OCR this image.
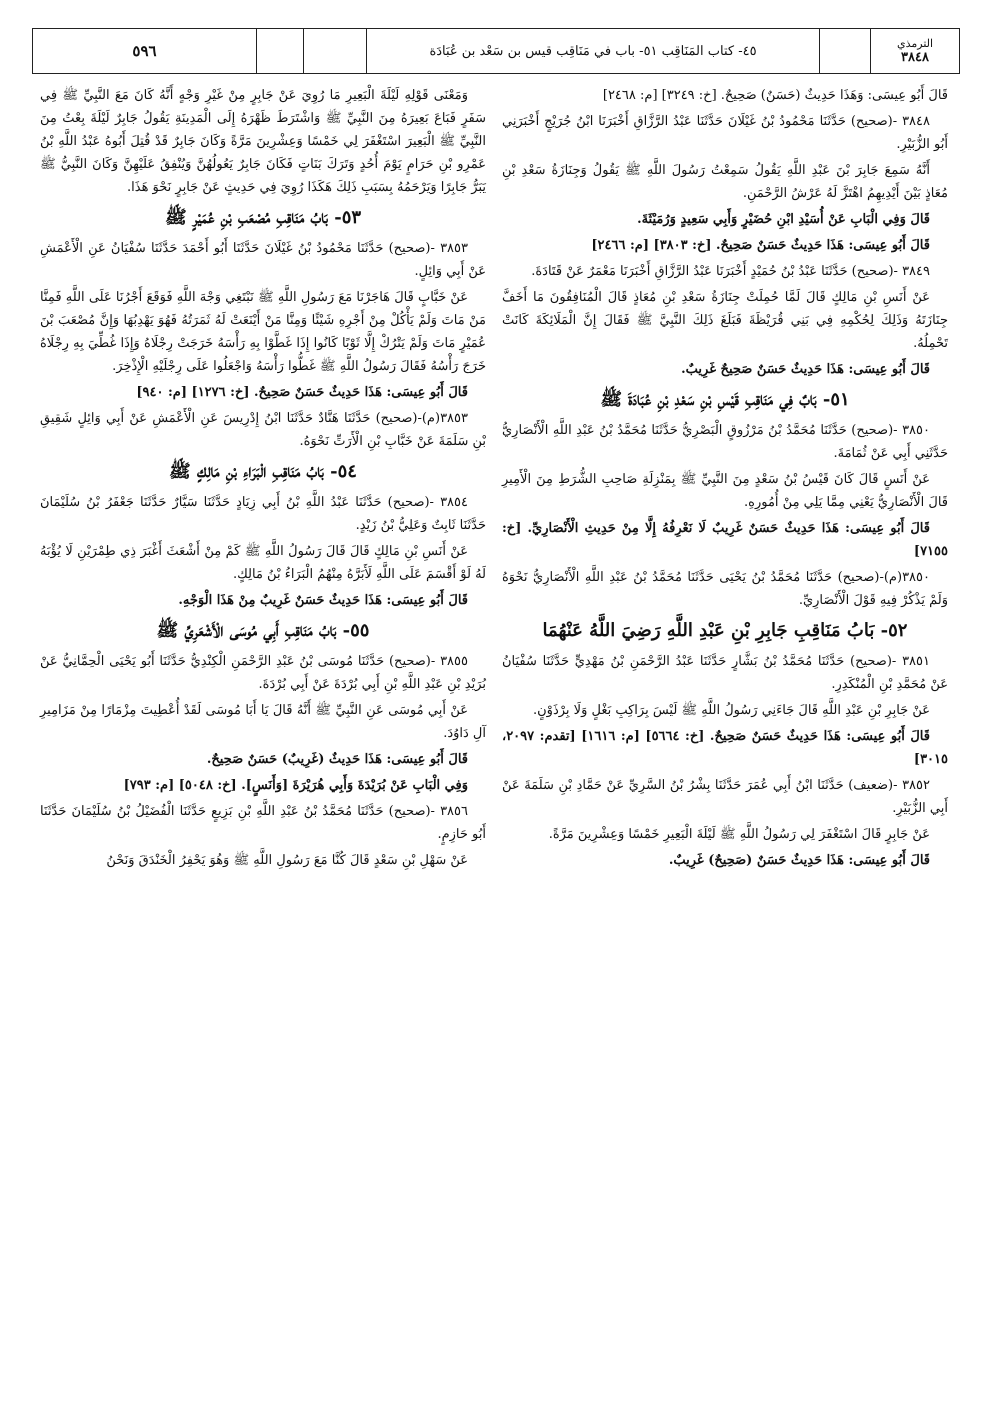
الترمذي
٣٨٤٨
٤٥- كتاب المَنَاقِب ٥١- باب في مَنَاقِب قيس بن سَعْد بن عُبَادَة
٥٩٦

قَالَ أَبُو عِيسَى: وَهَذَا حَدِيثٌ (حَسَنٌ) صَحِيحٌ. [خ: ٣٢٤٩] [م: ٢٤٦٨]

٣٨٤٨ -(صحيح) حَدَّثَنَا مَحْمُودُ بْنُ غَيْلَانَ حَدَّثَنَا عَبْدُ الرَّزَّاقِ أَخْبَرَنَا ابْنُ جُرَيْجٍ أَخْبَرَنِي أَبُو الزُّبَيْرِ.

أَنَّهُ سَمِعَ جَابِرَ بْنَ عَبْدِ اللَّهِ يَقُولُ سَمِعْتُ رَسُولَ اللَّهِ ﷺ يَقُولُ وَجِنَازَةُ سَعْدِ بْنِ مُعَاذٍ بَيْنَ أَيْدِيهِمُ اهْتَزَّ لَهُ عَرْشُ الرَّحْمَنِ.

قَالَ وَفِي الْبَابِ عَنْ أُسَيْدِ ابْنِ حُضَيْرٍ وَأَبِي سَعِيدٍ وَرُمَيْثَةَ.

قَالَ أَبُو عِيسَى: هَذَا حَدِيثٌ حَسَنٌ صَحِيحٌ. [خ: ٣٨٠٣] [م: ٢٤٦٦]

٣٨٤٩ -(صحيح) حَدَّثَنَا عَبْدُ بْنُ حُمَيْدٍ أَخْبَرَنَا عَبْدُ الرَّزَّاقِ أَخْبَرَنَا مَعْمَرٌ عَنْ قَتَادَةَ.

عَنْ أَنَسِ بْنِ مَالِكٍ قَالَ لَمَّا حُمِلَتْ جِنَازَةُ سَعْدِ بْنِ مُعَاذٍ قَالَ الْمُنَافِقُونَ مَا أَخَفَّ جِنَازَتَهُ وَذَلِكَ لِحُكْمِهِ فِي بَنِي قُرَيْظَةَ فَبَلَغَ ذَلِكَ النَّبِيَّ ﷺ فَقَالَ إِنَّ الْمَلَائِكَةَ كَانَتْ تَحْمِلُهُ.

قَالَ أَبُو عِيسَى: هَذَا حَدِيثٌ حَسَنٌ صَحِيحٌ غَرِيبٌ.

٥١- بَابٌ فِي مَنَاقِبِ قَيْسِ بْنِ سَعْدِ بْنِ عُبَادَةَ ﷺ

٣٨٥٠ -(صحيح) حَدَّثَنَا مُحَمَّدُ بْنُ مَرْزُوقٍ الْبَصْرِيُّ حَدَّثَنَا مُحَمَّدُ بْنُ عَبْدِ اللَّهِ الْأَنْصَارِيُّ حَدَّثَنِي أَبِي عَنْ ثُمَامَةَ.

عَنْ أَنَسٍ قَالَ كَانَ قَيْسُ بْنُ سَعْدٍ مِنَ النَّبِيِّ ﷺ بِمَنْزِلَةِ صَاحِبِ الشُّرَطِ مِنَ الْأَمِيرِ قَالَ الْأَنْصَارِيُّ يَعْنِي مِمَّا يَلِي مِنْ أُمُورِهِ.

قَالَ أَبُو عِيسَى: هَذَا حَدِيثٌ حَسَنٌ غَرِيبٌ لَا نَعْرِفُهُ إِلَّا مِنْ حَدِيثِ الْأَنْصَارِيِّ. [خ: ٧١٥٥]

٣٨٥٠(م)-(صحيح) حَدَّثَنَا مُحَمَّدُ بْنُ يَحْيَى حَدَّثَنَا مُحَمَّدُ بْنُ عَبْدِ اللَّهِ الْأَنْصَارِيُّ نَحْوَهُ وَلَمْ يَذْكُرْ فِيهِ قَوْلَ الْأَنْصَارِيِّ.

٥٢- بَابُ مَنَاقِبِ جَابِرِ بْنِ عَبْدِ اللَّهِ رَضِيَ اللَّهُ عَنْهُمَا

٣٨٥١ -(صحيح) حَدَّثَنَا مُحَمَّدُ بْنُ بَشَّارٍ حَدَّثَنَا عَبْدُ الرَّحْمَنِ بْنُ مَهْدِيٍّ حَدَّثَنَا سُفْيَانُ عَنْ مُحَمَّدِ بْنِ الْمُنْكَدِرِ.

عَنْ جَابِرِ بْنِ عَبْدِ اللَّهِ قَالَ جَاءَنِي رَسُولُ اللَّهِ ﷺ لَيْسَ بِرَاكِبِ بَغْلٍ وَلَا بِرْذَوْنٍ.

قَالَ أَبُو عِيسَى: هَذَا حَدِيثٌ حَسَنٌ صَحِيحٌ. [خ: ٥٦٦٤] [م: ١٦١٦] [تقدم: ٢٠٩٧، ٣٠١٥]

٣٨٥٢ -(ضعيف) حَدَّثَنَا ابْنُ أَبِي عُمَرَ حَدَّثَنَا بِشْرُ بْنُ السَّرِيِّ عَنْ حَمَّادِ بْنِ سَلَمَةَ عَنْ أَبِي الزُّبَيْرِ.

عَنْ جَابِرٍ قَالَ اسْتَغْفَرَ لِي رَسُولُ اللَّهِ ﷺ لَيْلَةَ الْبَعِيرِ خَمْسًا وَعِشْرِينَ مَرَّةً.

قَالَ أَبُو عِيسَى: هَذَا حَدِيثٌ حَسَنٌ (صَحِيحٌ) غَرِيبٌ.

وَمَعْنَى قَوْلِهِ لَيْلَةَ الْبَعِيرِ مَا رُوِيَ عَنْ جَابِرٍ مِنْ غَيْرِ وَجْهٍ أَنَّهُ كَانَ مَعَ النَّبِيِّ ﷺ فِي سَفَرٍ فَبَاعَ بَعِيرَهُ مِنَ النَّبِيِّ ﷺ وَاشْتَرَطَ ظَهْرَهُ إِلَى الْمَدِينَةِ يَقُولُ جَابِرٌ لَيْلَةَ بِعْتُ مِنَ النَّبِيِّ ﷺ الْبَعِيرَ اسْتَغْفَرَ لِي خَمْسًا وَعِشْرِينَ مَرَّةً وَكَانَ جَابِرٌ قَدْ قُتِلَ أَبُوهُ عَبْدُ اللَّهِ بْنُ عَمْرِو بْنِ حَرَامٍ يَوْمَ أُحُدٍ وَتَرَكَ بَنَاتٍ فَكَانَ جَابِرٌ يَعُولُهُنَّ وَيُنْفِقُ عَلَيْهِنَّ وَكَانَ النَّبِيُّ ﷺ يَبَرُّ جَابِرًا وَيَرْحَمُهُ بِسَبَبِ ذَلِكَ هَكَذَا رُوِيَ فِي حَدِيثٍ عَنْ جَابِرٍ نَحْوَ هَذَا.

٥٣- بَابُ مَنَاقِبِ مُصْعَبِ بْنِ عُمَيْرٍ ﷺ

٣٨٥٣ -(صحيح) حَدَّثَنَا مَحْمُودُ بْنُ غَيْلَانَ حَدَّثَنَا أَبُو أَحْمَدَ حَدَّثَنَا سُفْيَانُ عَنِ الْأَعْمَشِ عَنْ أَبِي وَائِلٍ.

عَنْ خَبَّابٍ قَالَ هَاجَرْنَا مَعَ رَسُولِ اللَّهِ ﷺ نَبْتَغِي وَجْهَ اللَّهِ فَوَقَعَ أَجْرُنَا عَلَى اللَّهِ فَمِنَّا مَنْ مَاتَ وَلَمْ يَأْكُلْ مِنْ أَجْرِهِ شَيْئًا وَمِنَّا مَنْ أَيْنَعَتْ لَهُ ثَمَرَتُهُ فَهُوَ يَهْدِبُهَا وَإِنَّ مُصْعَبَ بْنَ عُمَيْرٍ مَاتَ وَلَمْ يَتْرُكْ إِلَّا ثَوْبًا كَانُوا إِذَا غَطَّوْا بِهِ رَأْسَهُ خَرَجَتْ رِجْلَاهُ وَإِذَا غُطِّيَ بِهِ رِجْلَاهُ خَرَجَ رَأْسُهُ فَقَالَ رَسُولُ اللَّهِ ﷺ غَطُّوا رَأْسَهُ وَاجْعَلُوا عَلَى رِجْلَيْهِ الْإِذْخِرَ.

قَالَ أَبُو عِيسَى: هَذَا حَدِيثٌ حَسَنٌ صَحِيحٌ. [خ: ١٢٧٦] [م: ٩٤٠]

٣٨٥٣(م)-(صحيح) حَدَّثَنَا هَنَّادٌ حَدَّثَنَا ابْنُ إِدْرِيسَ عَنِ الْأَعْمَشِ عَنْ أَبِي وَائِلٍ شَقِيقِ بْنِ سَلَمَةَ عَنْ خَبَّابِ بْنِ الْأَرَتِّ نَحْوَهُ.

٥٤- بَابُ مَنَاقِبِ الْبَرَاءِ بْنِ مَالِكٍ ﷺ

٣٨٥٤ -(صحيح) حَدَّثَنَا عَبْدُ اللَّهِ بْنُ أَبِي زِيَادٍ حَدَّثَنَا سَيَّارٌ حَدَّثَنَا جَعْفَرُ بْنُ سُلَيْمَانَ حَدَّثَنَا ثَابِتٌ وَعَلِيُّ بْنُ زَيْدٍ.

عَنْ أَنَسِ بْنِ مَالِكٍ قَالَ قَالَ رَسُولُ اللَّهِ ﷺ كَمْ مِنْ أَشْعَثَ أَغْبَرَ ذِي طِمْرَيْنِ لَا يُؤْبَهُ لَهُ لَوْ أَقْسَمَ عَلَى اللَّهِ لَأَبَرَّهُ مِنْهُمُ الْبَرَاءُ بْنُ مَالِكٍ.

قَالَ أَبُو عِيسَى: هَذَا حَدِيثٌ حَسَنٌ غَرِيبٌ مِنْ هَذَا الْوَجْهِ.

٥٥- بَابُ مَنَاقِبِ أَبِي مُوسَى الْأَشْعَرِيِّ ﷺ

٣٨٥٥ -(صحيح) حَدَّثَنَا مُوسَى بْنُ عَبْدِ الرَّحْمَنِ الْكِنْدِيُّ حَدَّثَنَا أَبُو يَحْيَى الْحِمَّانِيُّ عَنْ بُرَيْدِ بْنِ عَبْدِ اللَّهِ بْنِ أَبِي بُرْدَةَ عَنْ أَبِي بُرْدَةَ.

عَنْ أَبِي مُوسَى عَنِ النَّبِيِّ ﷺ أَنَّهُ قَالَ يَا أَبَا مُوسَى لَقَدْ أُعْطِيتَ مِزْمَارًا مِنْ مَزَامِيرِ آلِ دَاوُدَ.

قَالَ أَبُو عِيسَى: هَذَا حَدِيثٌ (غَرِيبٌ) حَسَنٌ صَحِيحٌ.

وَفِي الْبَابِ عَنْ بُرَيْدَةَ وَأَبِي هُرَيْرَةَ [وَأَنَسٍ]. [خ: ٥٠٤٨] [م: ٧٩٣]

٣٨٥٦ -(صحيح) حَدَّثَنَا مُحَمَّدُ بْنُ عَبْدِ اللَّهِ بْنِ بَزِيعٍ حَدَّثَنَا الْفُضَيْلُ بْنُ سُلَيْمَانَ حَدَّثَنَا أَبُو حَازِمٍ.

عَنْ سَهْلِ بْنِ سَعْدٍ قَالَ كُنَّا مَعَ رَسُولِ اللَّهِ ﷺ وَهُوَ يَحْفِرُ الْخَنْدَقَ وَنَحْنُ
